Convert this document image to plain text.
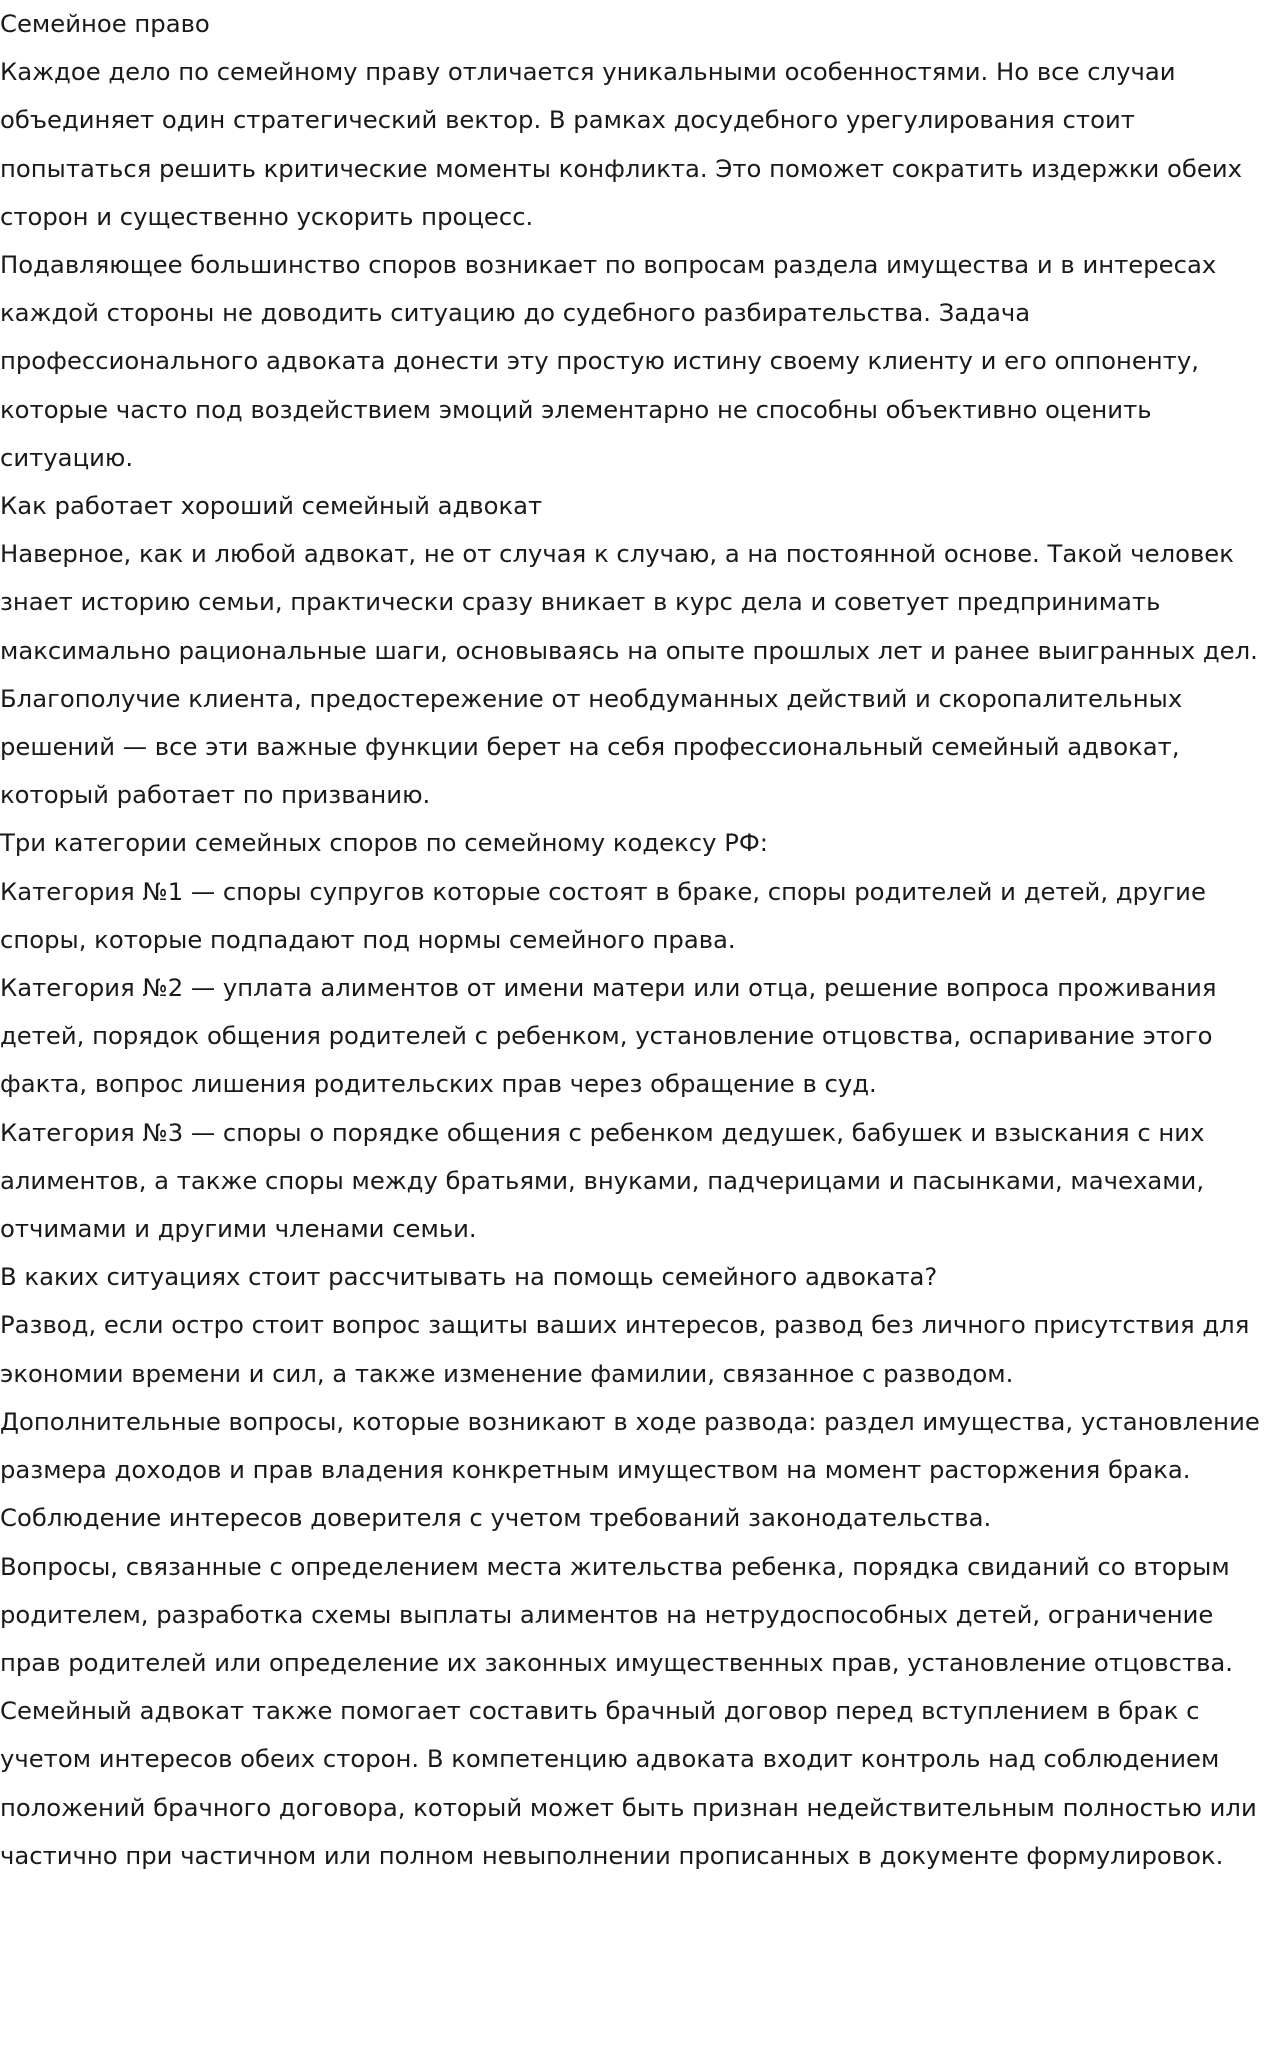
Семейное право

Каждое дело по семейному праву отличается уникальными особенностями. Но все случаи объединяет один стратегический вектор. В рамках досудебного урегулирования стоит попытаться решить критические моменты конфликта. Это поможет сократить издержки обеих сторон и существенно ускорить процесс.

Подавляющее большинство споров возникает по вопросам раздела имущества и в интересах каждой стороны не доводить ситуацию до судебного разбирательства. Задача профессионального адвоката донести эту простую истину своему клиенту и его оппоненту, которые часто под воздействием эмоций элементарно не способны объективно оценить ситуацию.

Как работает хороший семейный адвокат

Наверное, как и любой адвокат, не от случая к случаю, а на постоянной основе. Такой человек знает историю семьи, практически сразу вникает в курс дела и советует предпринимать максимально рациональные шаги, основываясь на опыте прошлых лет и ранее выигранных дел. Благополучие клиента, предостережение от необдуманных действий и скоропалительных решений — все эти важные функции берет на себя профессиональный семейный адвокат, который работает по призванию.

Три категории семейных споров по семейному кодексу РФ:

Категория №1 — споры супругов которые состоят в браке, споры родителей и детей, другие споры, которые подпадают под нормы семейного права.

Категория №2 — уплата алиментов от имени матери или отца, решение вопроса проживания детей, порядок общения родителей с ребенком, установление отцовства, оспаривание этого факта, вопрос лишения родительских прав через обращение в суд.

Категория №3 — споры о порядке общения с ребенком дедушек, бабушек и взыскания с них алиментов, а также споры между братьями, внуками, падчерицами и пасынками, мачехами, отчимами и другими членами семьи.

В каких ситуациях стоит рассчитывать на помощь семейного адвоката?

Развод, если остро стоит вопрос защиты ваших интересов, развод без личного присутствия для экономии времени и сил, а также изменение фамилии, связанное с разводом.

Дополнительные вопросы, которые возникают в ходе развода: раздел имущества, установление размера доходов и прав владения конкретным имуществом на момент расторжения брака. Соблюдение интересов доверителя с учетом требований законодательства.

Вопросы, связанные с определением места жительства ребенка, порядка свиданий со вторым родителем, разработка схемы выплаты алиментов на нетрудоспособных детей, ограничение прав родителей или определение их законных имущественных прав, установление отцовства.

Семейный адвокат также помогает составить брачный договор перед вступлением в брак с учетом интересов обеих сторон. В компетенцию адвоката входит контроль над соблюдением положений брачного договора, который может быть признан недействительным полностью или частично при частичном или полном невыполнении прописанных в документе формулировок.
